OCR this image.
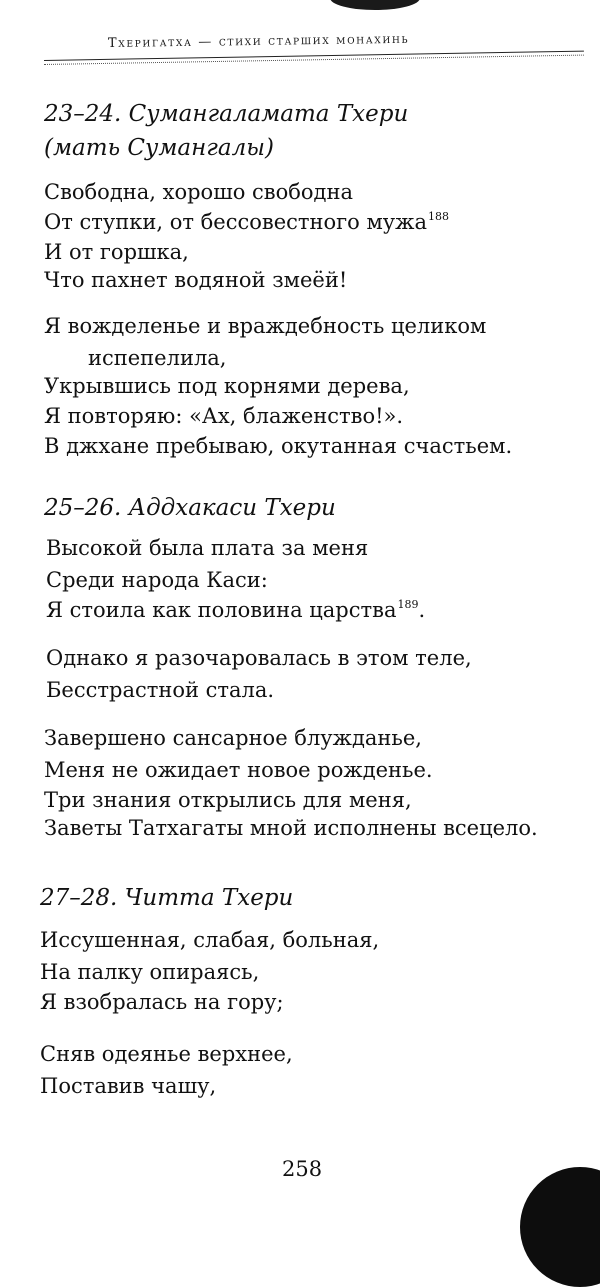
Тхеригатха — стихи старших монахинь
23–24. Сумангаламата Тхери
(мать Сумангалы)
Свободна, хорошо свободна
От ступки, от бессовестного мужа$^{188}$
И от горшка,
Что пахнет водяной змеёй!
Я вожделенье и враждебность целиком
испепелила,
Укрывшись под корнями дерева,
Я повторяю: «Ах, блаженство!».
В джхане пребываю, окутанная счастьем.
25–26. Аддхакаси Тхери
Высокой была плата за меня
Среди народа Каси:
Я стоила как половина царства$^{189}$.
Однако я разочаровалась в этом теле,
Бесстрастной стала.
Завершено сансарное блужданье,
Меня не ожидает новое рожденье.
Три знания открылись для меня,
Заветы Татхагаты мной исполнены всецело.
27–28. Читта Тхери
Иссушенная, слабая, больная,
На палку опираясь,
Я взобралась на гору;
Сняв одеянье верхнее,
Поставив чашу,
258
